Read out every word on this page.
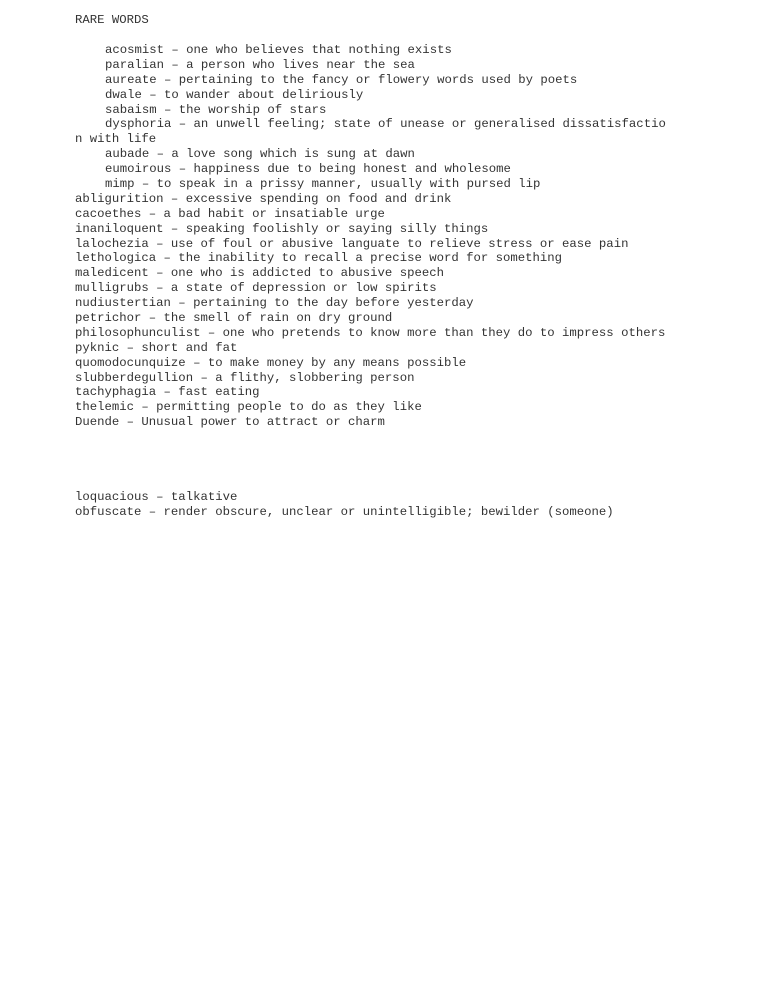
RARE WORDS
acosmist – one who believes that nothing exists
paralian – a person who lives near the sea
aureate – pertaining to the fancy or flowery words used by poets
dwale – to wander about deliriously
sabaism – the worship of stars
dysphoria – an unwell feeling; state of unease or generalised dissatisfactio
n with life
aubade – a love song which is sung at dawn
eumoirous – happiness due to being honest and wholesome
mimp – to speak in a prissy manner, usually with pursed lip
abligurition – excessive spending on food and drink
cacoethes – a bad habit or insatiable urge
inaniloquent – speaking foolishly or saying silly things
lalochezia – use of foul or abusive languate to relieve stress or ease pain
lethologica – the inability to recall a precise word for something
maledicent – one who is addicted to abusive speech
mulligrubs – a state of depression or low spirits
nudiustertian – pertaining to the day before yesterday
petrichor – the smell of rain on dry ground
philosophunculist – one who pretends to know more than they do to impress others
pyknic – short and fat
quomodocunquize – to make money by any means possible
slubberdegullion – a flithy, slobbering person
tachyphagia – fast eating
thelemic – permitting people to do as they like
Duende – Unusual power to attract or charm
loquacious – talkative
obfuscate – render obscure, unclear or unintelligible; bewilder (someone)
